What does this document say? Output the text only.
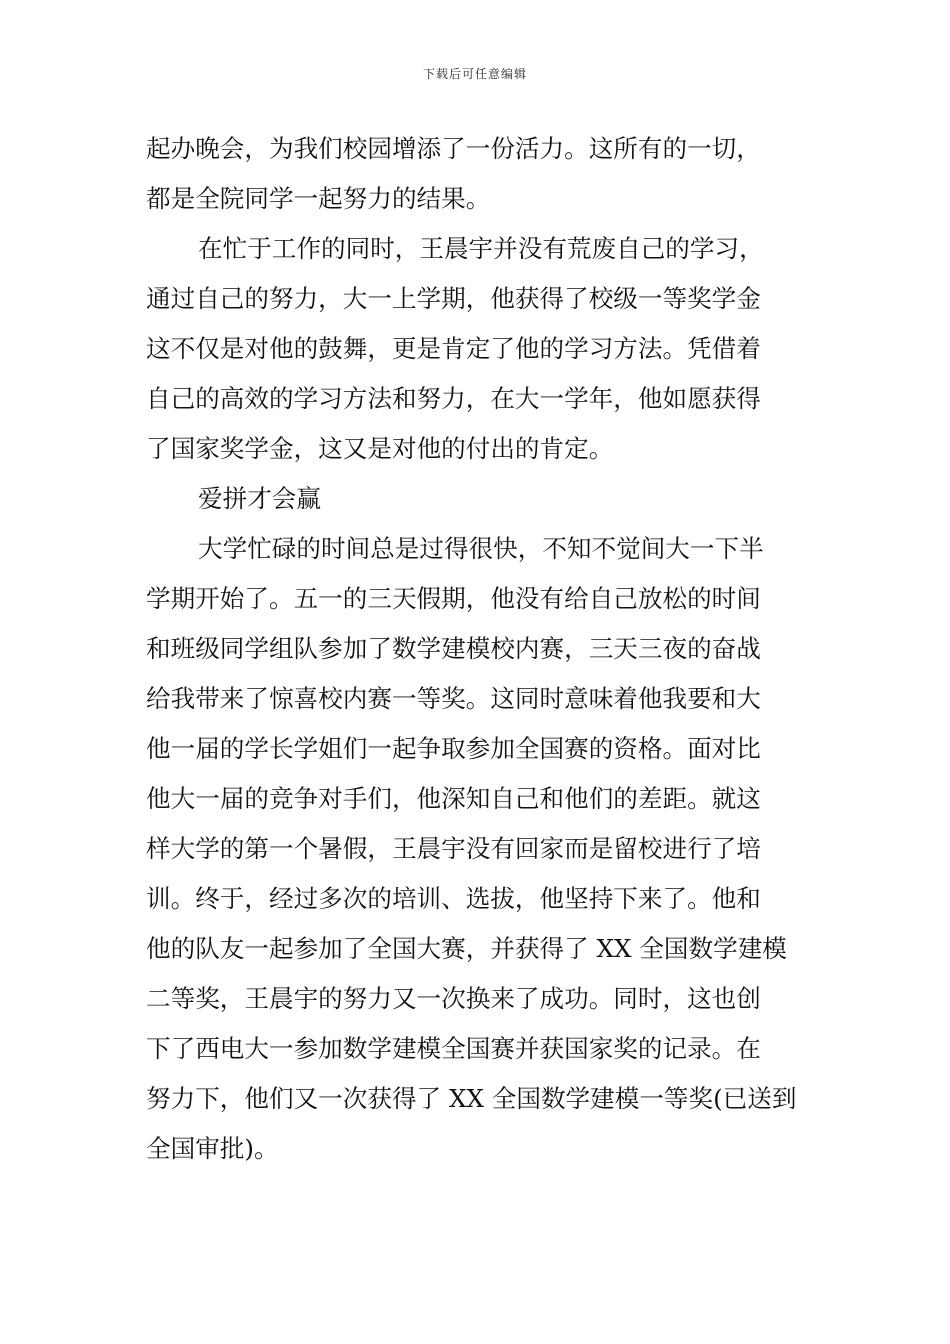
下载后可任意编辑
起办晚会，为我们校园增添了一份活力。这所有的一切，
都是全院同学一起努力的结果。
在忙于工作的同时，王晨宇并没有荒废自己的学习，
通过自己的努力，大一上学期，他获得了校级一等奖学金
这不仅是对他的鼓舞，更是肯定了他的学习方法。凭借着
自己的高效的学习方法和努力，在大一学年，他如愿获得
了国家奖学金，这又是对他的付出的肯定。
爱拼才会赢
大学忙碌的时间总是过得很快，不知不觉间大一下半
学期开始了。五一的三天假期，他没有给自己放松的时间
和班级同学组队参加了数学建模校内赛，三天三夜的奋战
给我带来了惊喜校内赛一等奖。这同时意味着他我要和大
他一届的学长学姐们一起争取参加全国赛的资格。面对比
他大一届的竞争对手们，他深知自己和他们的差距。就这
样大学的第一个暑假，王晨宇没有回家而是留校进行了培
训。终于，经过多次的培训、选拔，他坚持下来了。他和
他的队友一起参加了全国大赛，并获得了 XX 全国数学建模
二等奖，王晨宇的努力又一次换来了成功。同时，这也创
下了西电大一参加数学建模全国赛并获国家奖的记录。在
努力下，他们又一次获得了 XX 全国数学建模一等奖(已送到
全国审批)。
